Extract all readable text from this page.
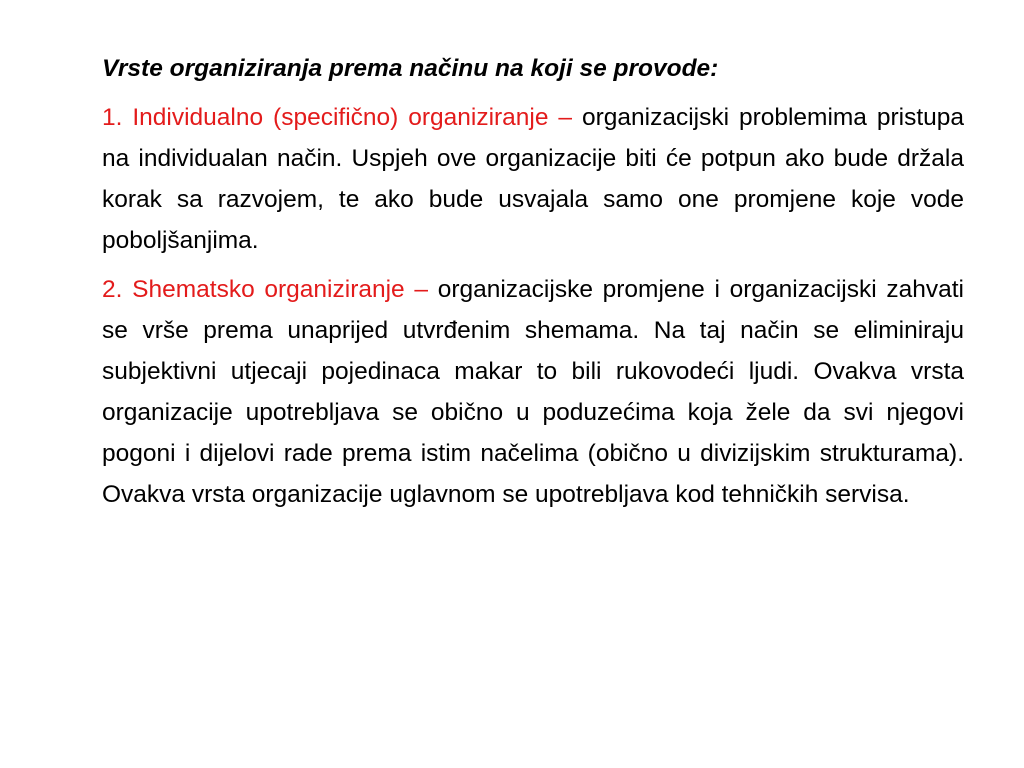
Vrste organiziranja prema načinu na koji se provode:

1. Individualno (specifično) organiziranje – organizacijski problemima pristupa na individualan način. Uspjeh ove organizacije biti će potpun ako bude držala korak sa razvojem, te ako bude usvajala samo one promjene koje vode poboljšanjima.

2. Shematsko organiziranje – organizacijske promjene i organizacijski zahvati se vrše prema unaprijed utvrđenim shemama. Na taj način se eliminiraju subjektivni utjecaji pojedinaca makar to bili rukovodeći ljudi. Ovakva vrsta organizacije upotrebljava se obično u poduzećima koja žele da svi njegovi pogoni i dijelovi rade prema istim načelima (obično u divizijskim strukturama). Ovakva vrsta organizacije uglavnom se upotrebljava kod tehničkih servisa.
